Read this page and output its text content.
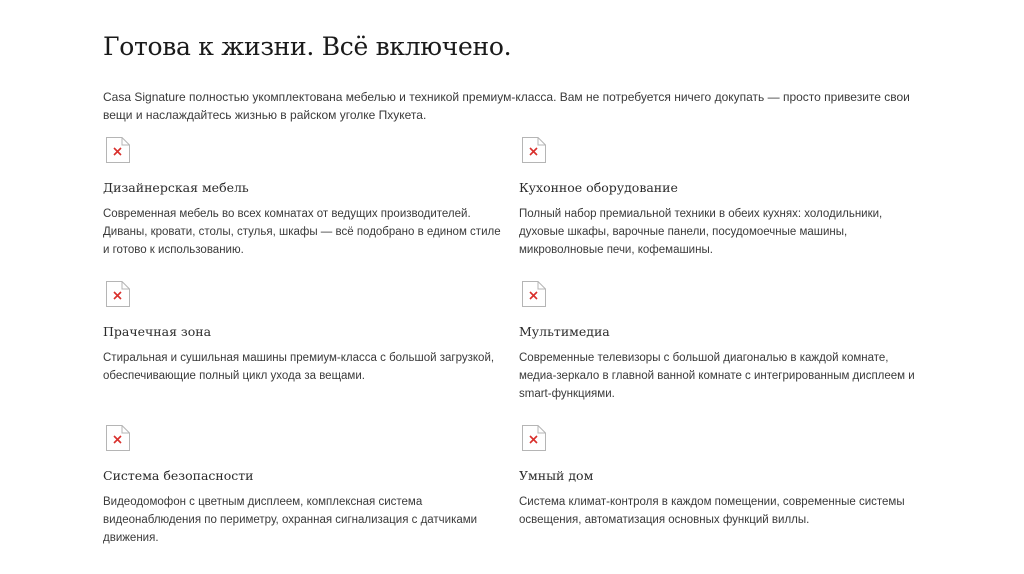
Готова к жизни. Всё включено.

Casa Signature полностью укомплектована мебелью и техникой премиум-класса. Вам не потребуется ничего докупать — просто привезите свои вещи и наслаждайтесь жизнью в райском уголке Пхукета.

Дизайнерская мебель

Современная мебель во всех комнатах от ведущих производителей. Диваны, кровати, столы, стулья, шкафы — всё подобрано в едином стиле и готово к использованию.

Кухонное оборудование

Полный набор премиальной техники в обеих кухнях: холодильники, духовые шкафы, варочные панели, посудомоечные машины, микроволновые печи, кофемашины.

Прачечная зона

Стиральная и сушильная машины премиум-класса с большой загрузкой, обеспечивающие полный цикл ухода за вещами.

Мультимедиа

Современные телевизоры с большой диагональю в каждой комнате, медиа-зеркало в главной ванной комнате с интегрированным дисплеем и smart-функциями.

Система безопасности

Видеодомофон с цветным дисплеем, комплексная система видеонаблюдения по периметру, охранная сигнализация с датчиками движения.

Умный дом

Система климат-контроля в каждом помещении, современные системы освещения, автоматизация основных функций виллы.
